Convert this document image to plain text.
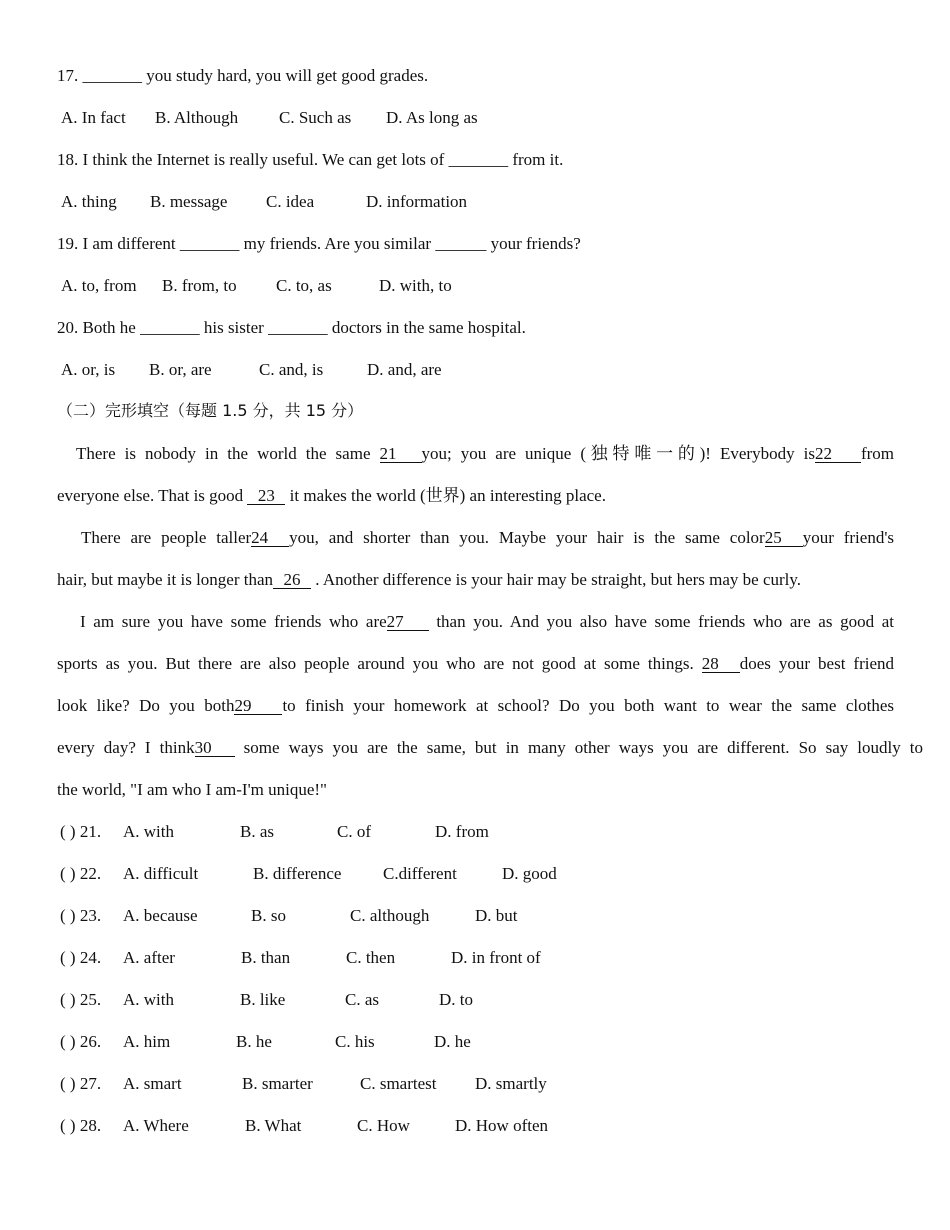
17. _______ you study hard, you will get good grades.
A. In fact B. Although C. Such as D. As long as
18. I think the Internet is really useful. We can get lots of _______ from it.
A. thing B. message C. idea	D. information
19. I am different _______ my friends. Are you similar ______ your friends?
A. to, from B. from, to C. to, as	D. with, to
20. Both he _______ his sister _______ doctors in the same hospital.
A. or, is B. or, are	C. and, is	D. and, are
（二）完形填空（每题 1.5 分，共 15 分）
There is nobody in the world the same 21 you; you are unique (独特唯一的)! Everybody is22 from
everyone else. That is good 23 it makes the world (世界) an interesting place.
There are people taller24 you, and shorter than you. Maybe your hair is the same color25 your friend's
hair, but maybe it is longer than 26 . Another difference is your hair may be straight, but hers may be curly.
I am sure you have some friends who are27 than you. And you also have some friends who are as good at
sports as you. But there are also people around you who are not good at some things. 28 does your best friend
look like? Do you both29 to finish your homework at school? Do you both want to wear the same clothes
every day? I think30 some ways you are the same, but in many other ways you are different. So say loudly to
the world, "I am who I am-I'm unique!"
( ) 21. A. with	B. as	C. of	D. from
( ) 22. A. difficult	B. difference C.different	D. good
( ) 23. A. because	B. so	C. although	D. but
( ) 24. A. after	B. than	C. then	D. in front of
( ) 25. A. with	B. like	C. as	D. to
( ) 26. A. him	B. he	C. his	D. he
( ) 27. A. smart	B. smarter	C. smartest D. smartly
( ) 28. A. Where	B. What	C. How	D. How often
